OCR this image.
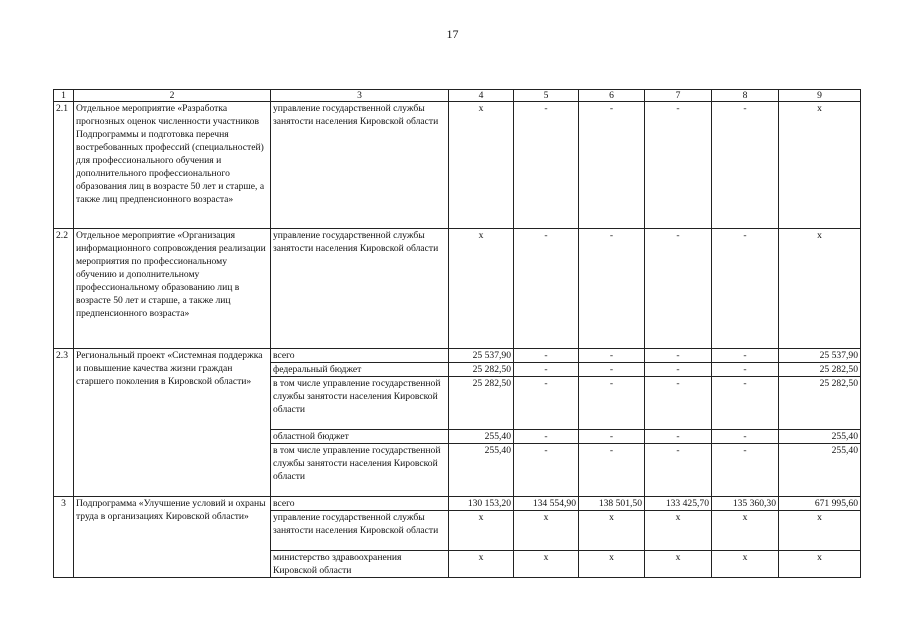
17
1	2	3	4	5	6	7	8	9
2.1	Отдельное мероприятие «Разработка прогнозных оценок численности участников Подпрограммы и подготовка перечня востребованных профессий (специальностей) для профессионального обучения и дополнительного профессионального образования лиц в возрасте 50 лет и старше, а также лиц предпенсионного возраста»	управление государственной службы занятости населения Кировской области	x	-	-	-	-	x
2.2	Отдельное мероприятие «Организация информационного сопровождения реализации мероприятия по профессиональному обучению и дополнительному профессиональному образованию лиц в возрасте 50 лет и старше, а также лиц предпенсионного возраста»	управление государственной службы занятости населения Кировской области	x	-	-	-	-	x
2.3	Региональный проект «Системная поддержка и повышение качества жизни граждан старшего поколения в Кировской области»	всего	25 537,90	-	-	-	-	25 537,90
		федеральный бюджет	25 282,50	-	-	-	-	25 282,50
		в том числе управление государственной службы занятости населения Кировской области	25 282,50	-	-	-	-	25 282,50
		областной бюджет	255,40	-	-	-	-	255,40
		в том числе управление государственной службы занятости населения Кировской области	255,40	-	-	-	-	255,40
3	Подпрограмма «Улучшение условий и охраны труда в организациях Кировской области»	всего	130 153,20	134 554,90	138 501,50	133 425,70	135 360,30	671 995,60
		управление государственной службы занятости населения Кировской области	x	x	x	x	x	x
		министерство здравоохранения Кировской области	x	x	x	x	x	x
